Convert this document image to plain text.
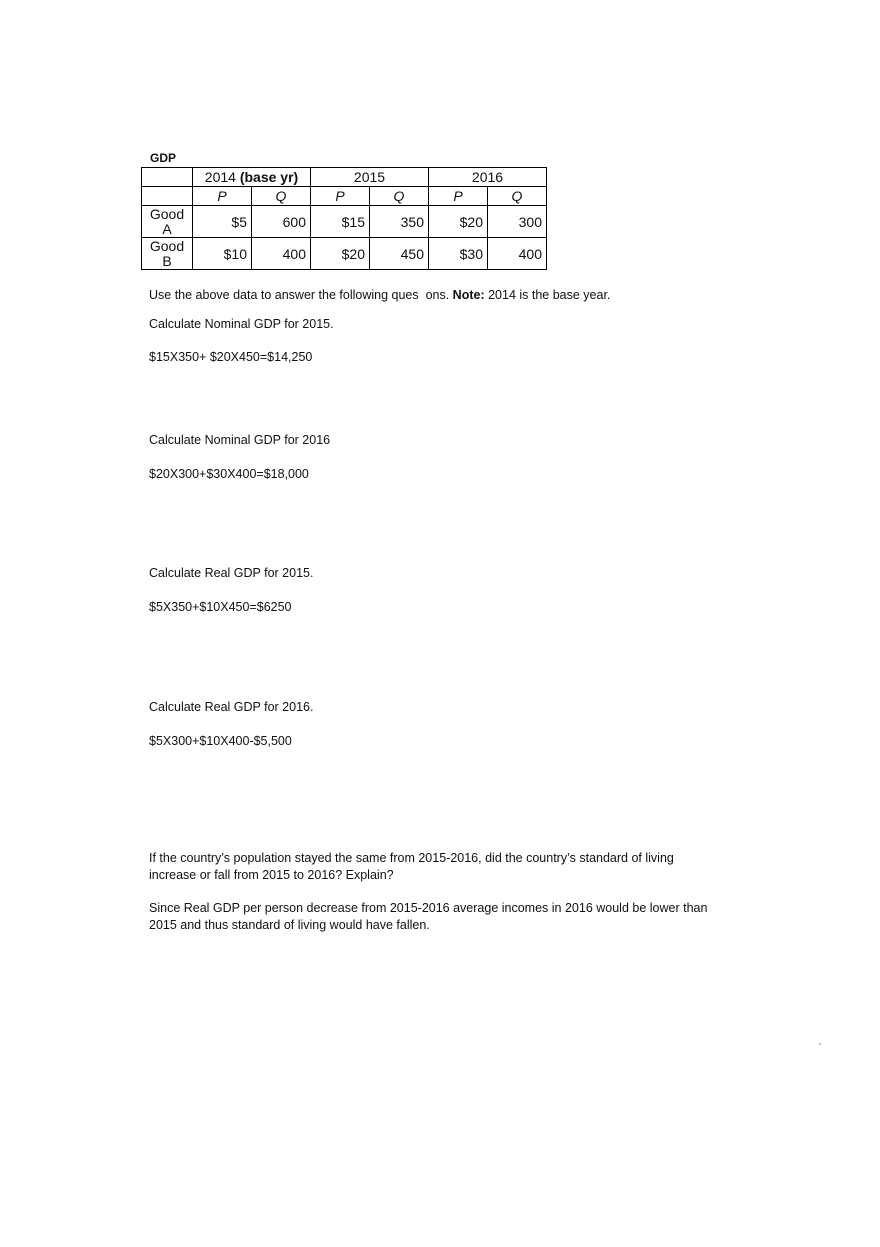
GDP
	2014 (base yr)		2015		2016	
	P	Q	P	Q	P	Q
Good
A	$5	600	$15	350	$20	300
Good
B	$10	400	$20	450	$30	400
Use the above data to answer the following ques  ons. Note: 2014 is the base year.
Calculate Nominal GDP for 2015.
$15X350+ $20X450=$14,250
Calculate Nominal GDP for 2016
$20X300+$30X400=$18,000
Calculate Real GDP for 2015.
$5X350+$10X450=$6250
Calculate Real GDP for 2016.
$5X300+$10X400-$5,500
If the country’s population stayed the same from 2015-2016, did the country’s standard of living
increase or fall from 2015 to 2016? Explain?
Since Real GDP per person decrease from 2015-2016 average incomes in 2016 would be lower than
2015 and thus standard of living would have fallen.
